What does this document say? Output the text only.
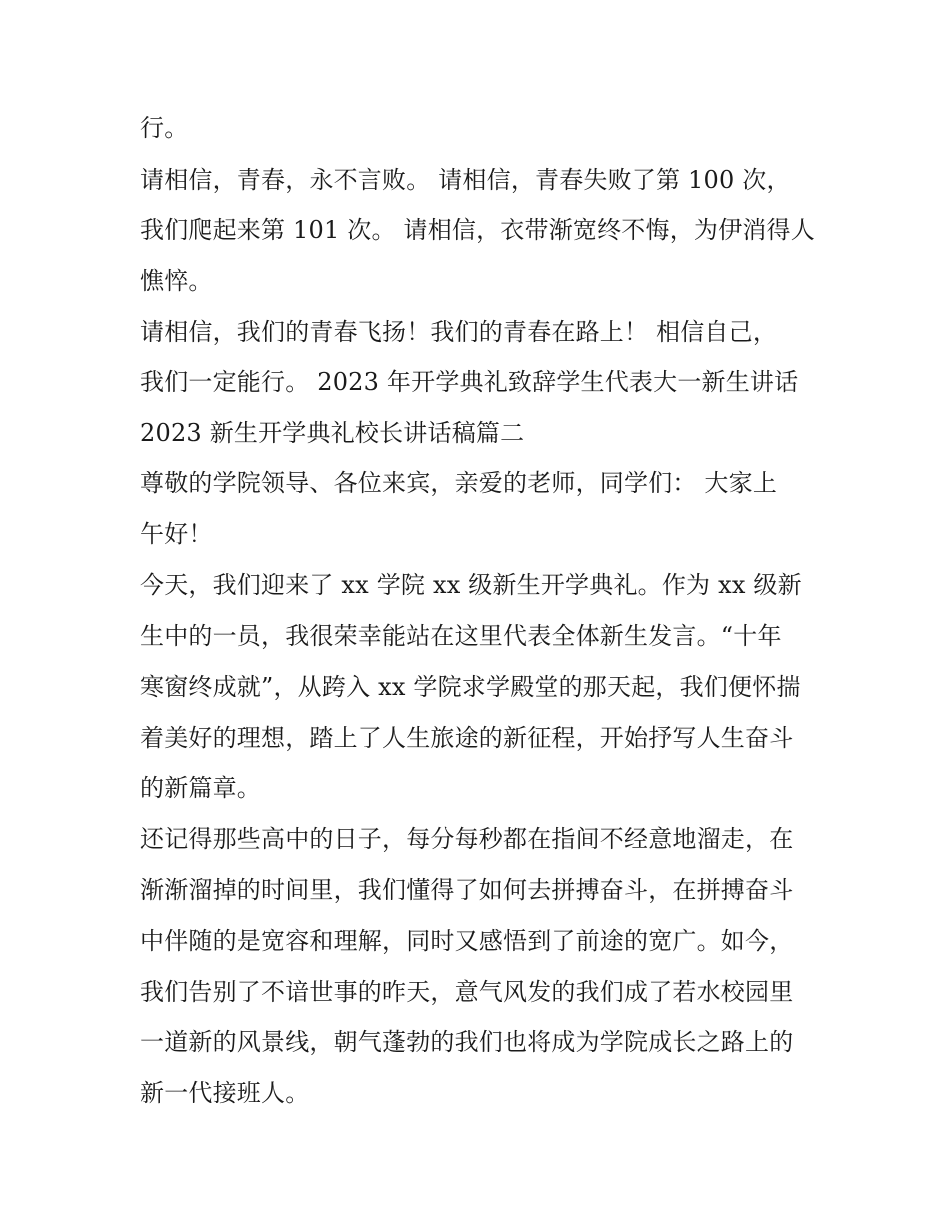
行。
请相信，青春，永不言败。 请相信，青春失败了第 100 次，
我们爬起来第 101 次。 请相信，衣带渐宽终不悔，为伊消得人
憔悴。
请相信，我们的青春飞扬！我们的青春在路上！ 相信自己，
我们一定能行。 2023 年开学典礼致辞学生代表大一新生讲话
2023 新生开学典礼校长讲话稿篇二
尊敬的学院领导、各位来宾，亲爱的老师，同学们： 大家上
午好！
今天，我们迎来了 xx 学院 xx 级新生开学典礼。作为 xx 级新
生中的一员，我很荣幸能站在这里代表全体新生发言。“十年
寒窗终成就”，从跨入 xx 学院求学殿堂的那天起，我们便怀揣
着美好的理想，踏上了人生旅途的新征程，开始抒写人生奋斗
的新篇章。
还记得那些高中的日子，每分每秒都在指间不经意地溜走，在
渐渐溜掉的时间里，我们懂得了如何去拼搏奋斗，在拼搏奋斗
中伴随的是宽容和理解，同时又感悟到了前途的宽广。如今，
我们告别了不谙世事的昨天，意气风发的我们成了若水校园里
一道新的风景线，朝气蓬勃的我们也将成为学院成长之路上的
新一代接班人。
